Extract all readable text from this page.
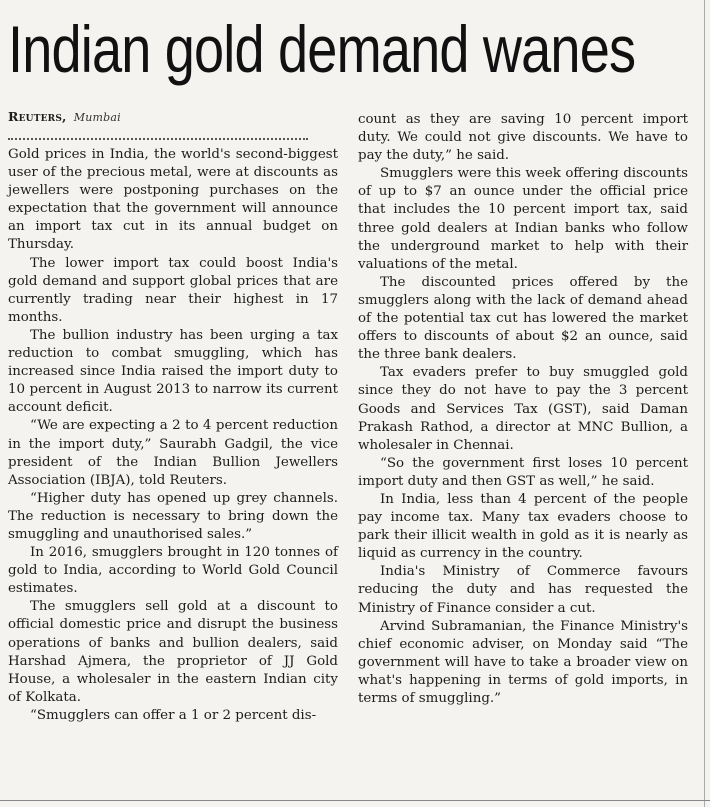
Indian gold demand wanes
Reuters, Mumbai

Gold prices in India, the world's second-biggest user of the precious metal, were at discounts as jewellers were postponing purchases on the expectation that the government will announce an import tax cut in its annual budget on Thursday.

The lower import tax could boost India's gold demand and support global prices that are currently trading near their highest in 17 months.

The bullion industry has been urging a tax reduction to combat smuggling, which has increased since India raised the import duty to 10 percent in August 2013 to narrow its current account deficit.

“We are expecting a 2 to 4 percent reduction in the import duty,” Saurabh Gadgil, the vice president of the Indian Bullion Jewellers Association (IBJA), told Reuters.

“Higher duty has opened up grey channels. The reduction is necessary to bring down the smuggling and unauthorised sales.”

In 2016, smugglers brought in 120 tonnes of gold to India, according to World Gold Council estimates.

The smugglers sell gold at a discount to official domestic price and disrupt the business operations of banks and bullion dealers, said Harshad Ajmera, the proprietor of JJ Gold House, a wholesaler in the eastern Indian city of Kolkata.

“Smugglers can offer a 1 or 2 percent dis-

count as they are saving 10 percent import duty. We could not give discounts. We have to pay the duty,” he said.

Smugglers were this week offering discounts of up to $7 an ounce under the official price that includes the 10 percent import tax, said three gold dealers at Indian banks who follow the underground market to help with their valuations of the metal.

The discounted prices offered by the smugglers along with the lack of demand ahead of the potential tax cut has lowered the market offers to discounts of about $2 an ounce, said the three bank dealers.

Tax evaders prefer to buy smuggled gold since they do not have to pay the 3 percent Goods and Services Tax (GST), said Daman Prakash Rathod, a director at MNC Bullion, a wholesaler in Chennai.

“So the government first loses 10 percent import duty and then GST as well,” he said.

In India, less than 4 percent of the people pay income tax. Many tax evaders choose to park their illicit wealth in gold as it is nearly as liquid as currency in the country.

India's Ministry of Commerce favours reducing the duty and has requested the Ministry of Finance consider a cut.

Arvind Subramanian, the Finance Ministry's chief economic adviser, on Monday said “The government will have to take a broader view on what's happening in terms of gold imports, in terms of smuggling.”
